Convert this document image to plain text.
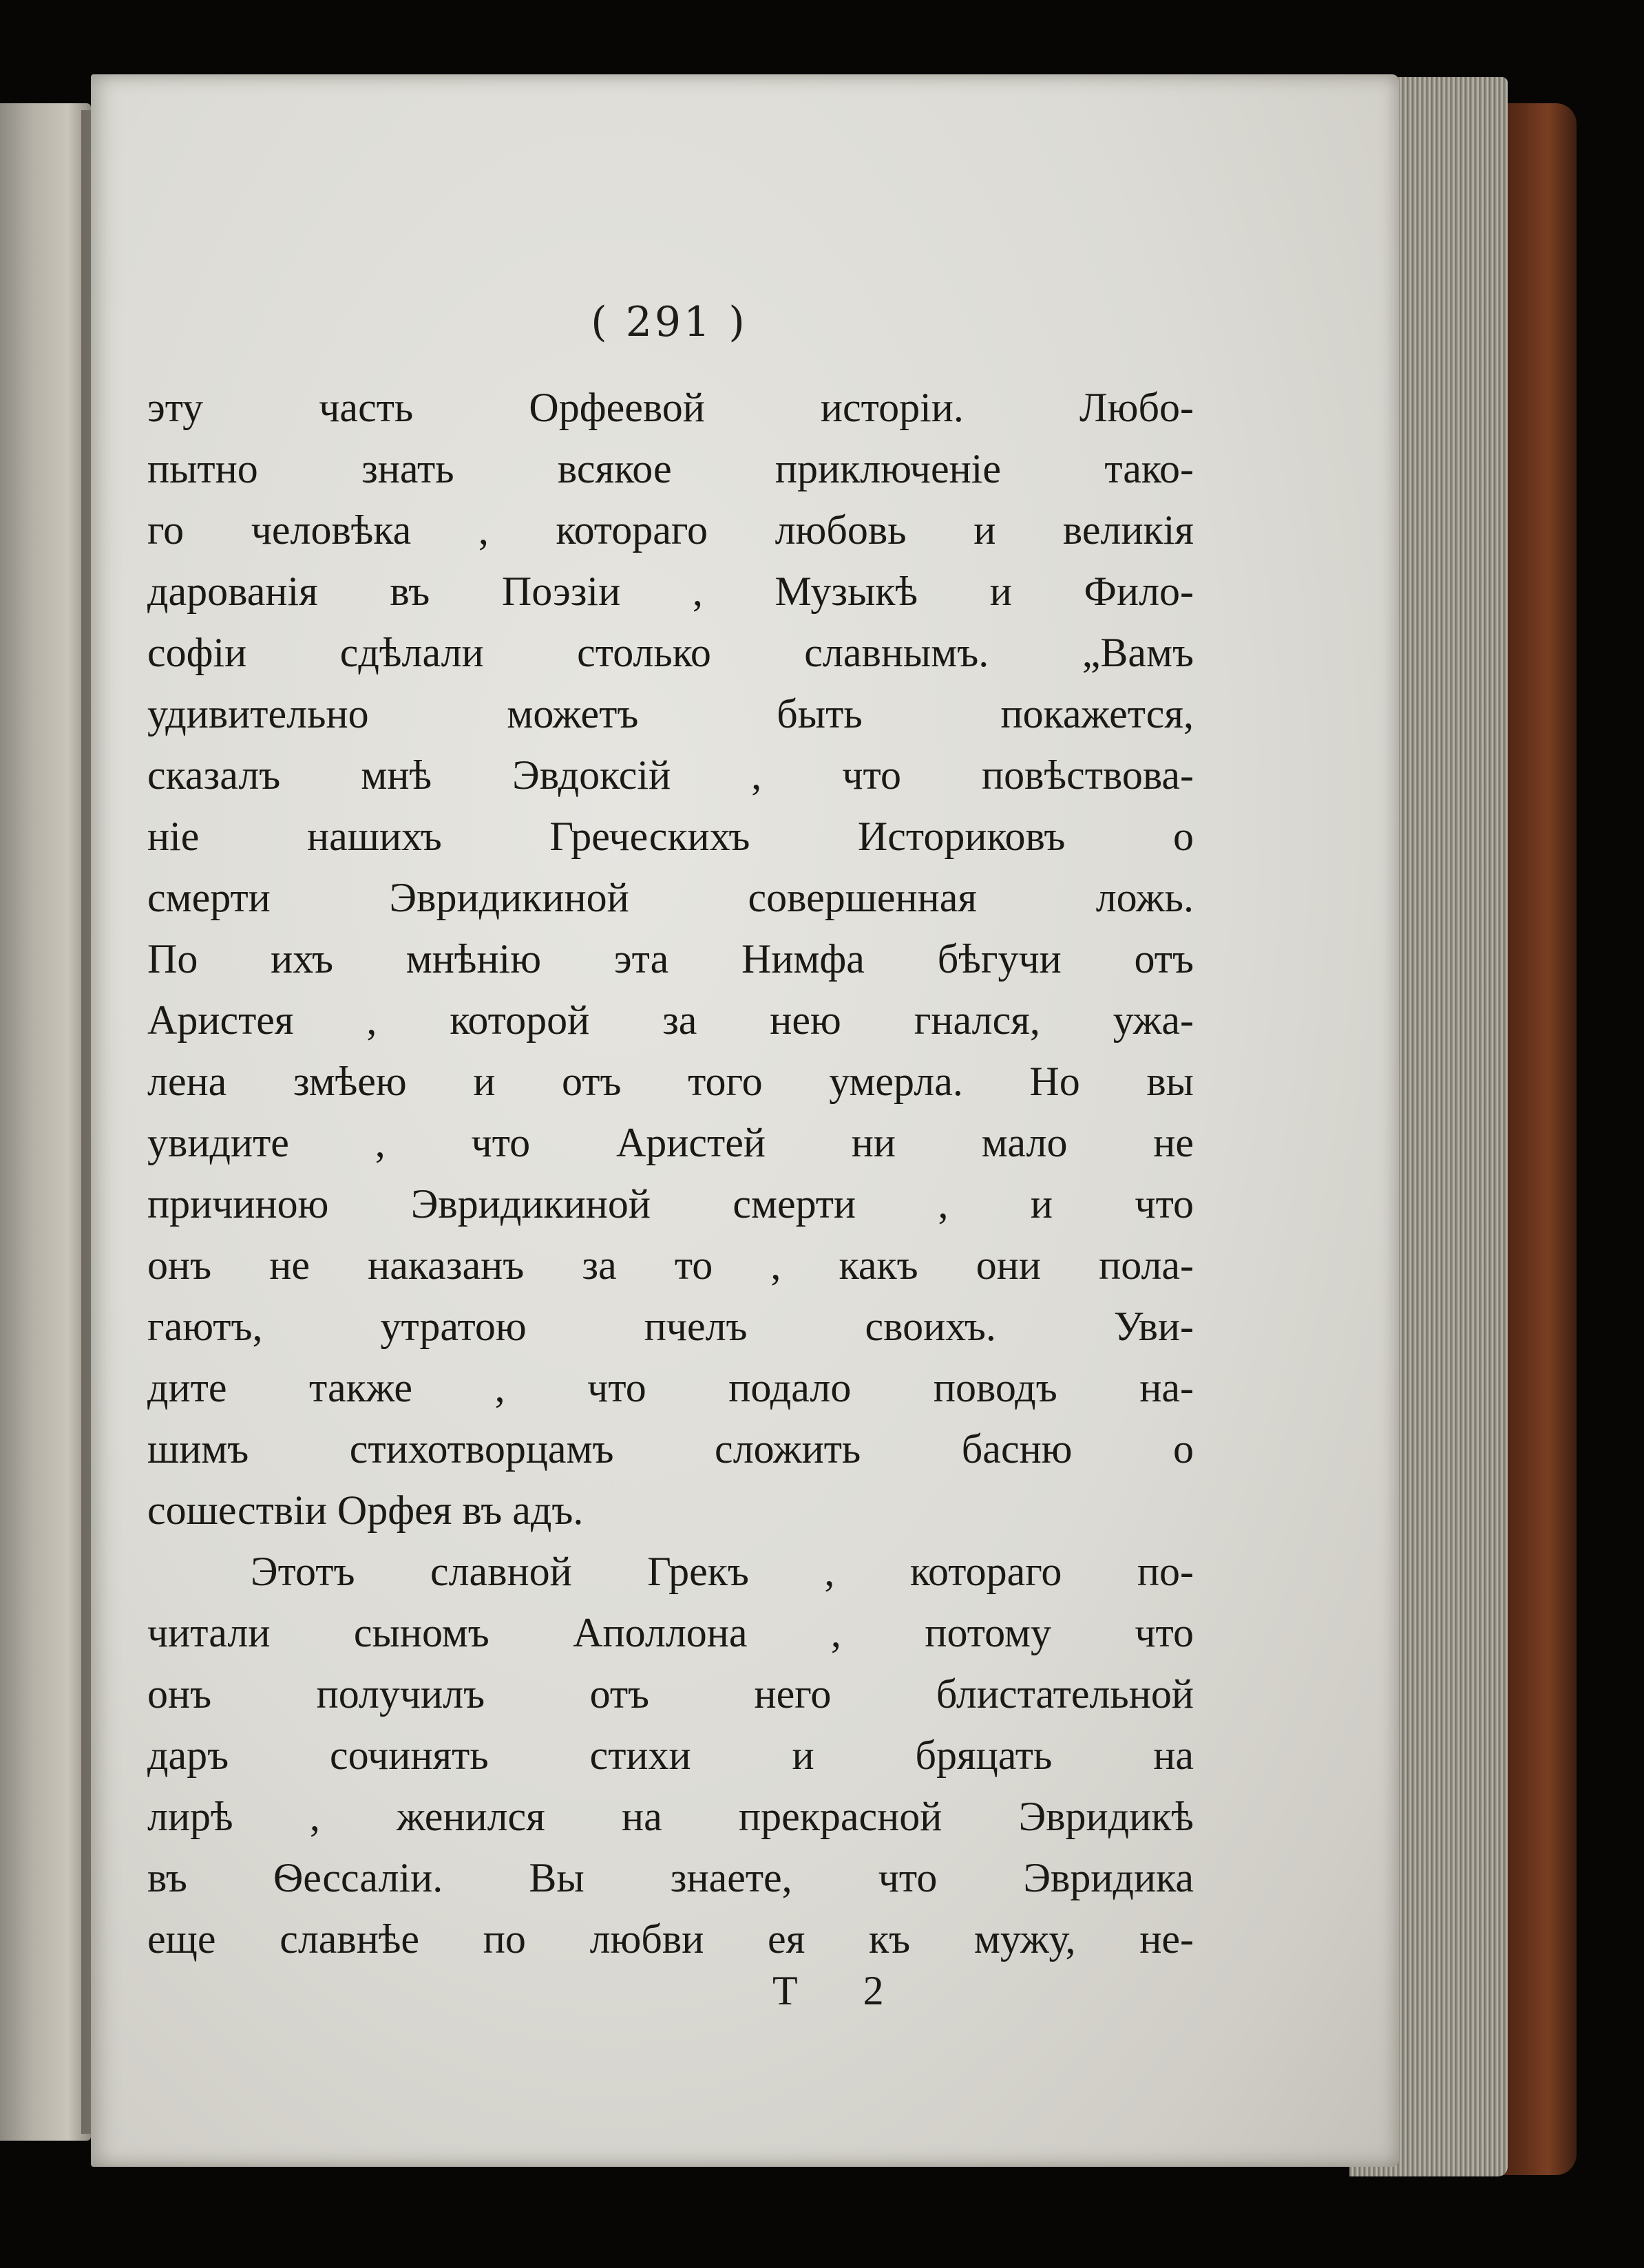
( 291 )
эту часть Орфеевой исторіи. Любо-
пытно знать всякое приключеніе тако-
го человѣка , котораго любовь и великія
дарованія въ Поэзіи , Музыкѣ и Фило-
софіи сдѣлали столько славнымъ. „Вамъ
удивительно можетъ быть покажется,
сказалъ мнѣ Эвдоксій , что повѣствова-
ніе нашихъ Греческихъ Историковъ о
смерти Эвридикиной совершенная ложь.
По ихъ мнѣнію эта Нимфа бѣгучи отъ
Аристея , которой за нею гнался, ужа-
лена змѣею и отъ того умерла. Но вы
увидите , что Аристей ни мало не
причиною Эвридикиной смерти , и что
онъ не наказанъ за то , какъ они пола-
гаютъ, утратою пчелъ своихъ. Уви-
дите также , что подало поводъ на-
шимъ стихотворцамъ сложить басню о
сошествіи Орфея въ адъ.
Этотъ славной Грекъ , котораго по-
читали сыномъ Аполлона , потому что
онъ получилъ отъ него блистательной
даръ сочинять стихи и бряцать на
лирѣ , женился на прекрасной Эвридикѣ
въ Ѳессаліи. Вы знаете, что Эвридика
еще славнѣе по любви ея къ мужу, не-
Т 2
